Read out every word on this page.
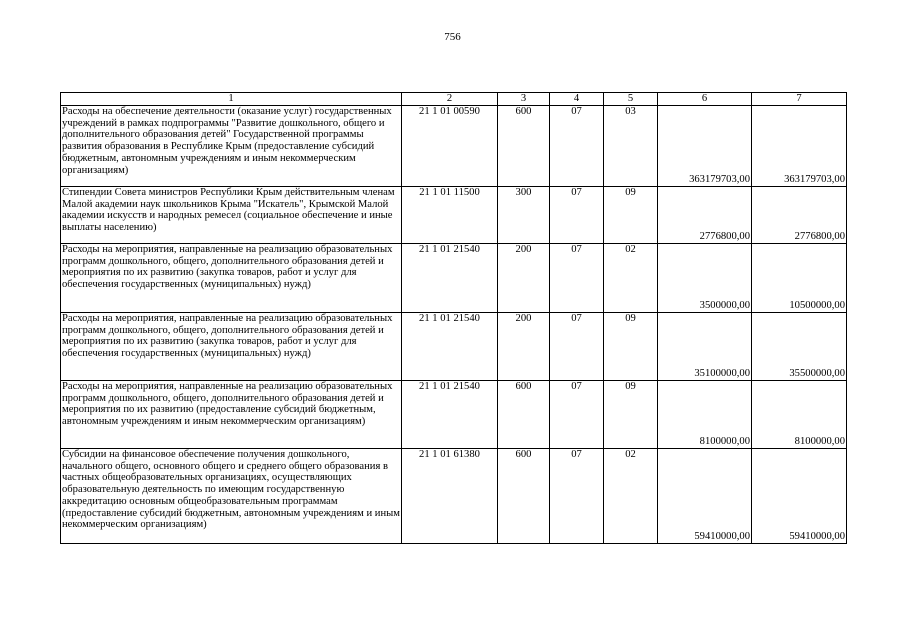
756
1	2	3	4	5	6	7
Расходы на обеспечение деятельности (оказание услуг) государственных учреждений в рамках подпрограммы "Развитие дошкольного, общего и дополнительного образования детей" Государственной программы развития образования в Республике Крым (предоставление субсидий бюджетным, автономным учреждениям и иным некоммерческим организациям)	21 1 01 00590	600	07	03	363179703,00	363179703,00
Стипендии Совета министров Республики Крым действительным членам Малой академии наук школьников Крыма "Искатель", Крымской Малой академии искусств и народных ремесел (социальное обеспечение и иные выплаты населению)	21 1 01 11500	300	07	09	2776800,00	2776800,00
Расходы на мероприятия, направленные на реализацию образовательных программ дошкольного, общего, дополнительного образования детей и мероприятия по их развитию (закупка товаров, работ и услуг для обеспечения государственных (муниципальных) нужд)	21 1 01 21540	200	07	02	3500000,00	10500000,00
Расходы на мероприятия, направленные на реализацию образовательных программ дошкольного, общего, дополнительного образования детей и мероприятия по их развитию (закупка товаров, работ и услуг для обеспечения государственных (муниципальных) нужд)	21 1 01 21540	200	07	09	35100000,00	35500000,00
Расходы на мероприятия, направленные на реализацию образовательных программ дошкольного, общего, дополнительного образования детей и мероприятия по их развитию (предоставление субсидий бюджетным, автономным учреждениям и иным некоммерческим организациям)	21 1 01 21540	600	07	09	8100000,00	8100000,00
Субсидии на финансовое обеспечение получения дошкольного, начального общего, основного общего и среднего общего образования в частных общеобразовательных организациях, осуществляющих образовательную деятельность по имеющим государственную аккредитацию основным общеобразовательным программам (предоставление субсидий бюджетным, автономным учреждениям и иным некоммерческим организациям)	21 1 01 61380	600	07	02	59410000,00	59410000,00
